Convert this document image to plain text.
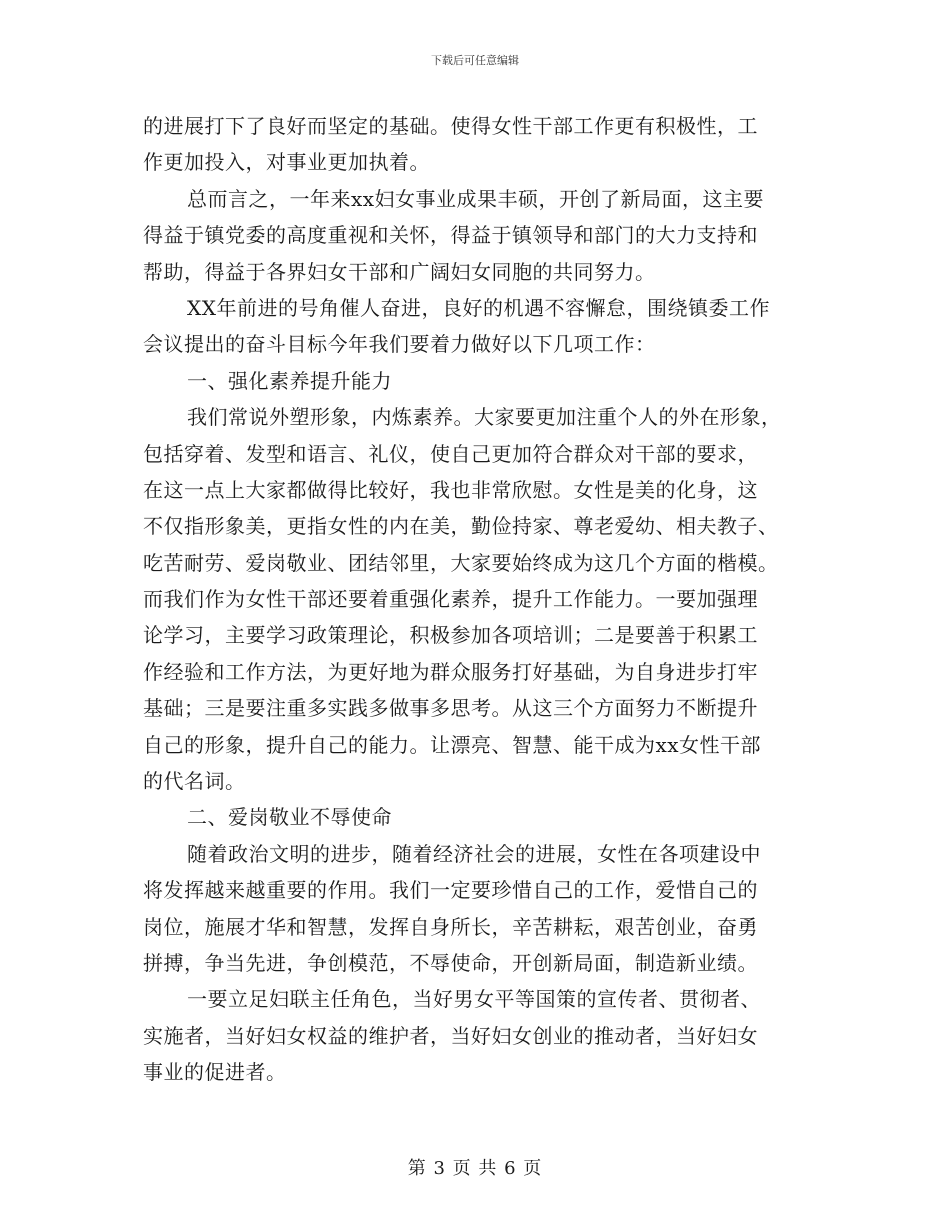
下载后可任意编辑
的进展打下了良好而坚定的基础。使得女性干部工作更有积极性，工
作更加投入，对事业更加执着。
总而言之，一年来xx妇女事业成果丰硕，开创了新局面，这主要
得益于镇党委的高度重视和关怀，得益于镇领导和部门的大力支持和
帮助，得益于各界妇女干部和广阔妇女同胞的共同努力。
XX年前进的号角催人奋进，良好的机遇不容懈怠，围绕镇委工作
会议提出的奋斗目标今年我们要着力做好以下几项工作：
一、强化素养提升能力
我们常说外塑形象，内炼素养。大家要更加注重个人的外在形象，
包括穿着、发型和语言、礼仪，使自己更加符合群众对干部的要求，
在这一点上大家都做得比较好，我也非常欣慰。女性是美的化身，这
不仅指形象美，更指女性的内在美，勤俭持家、尊老爱幼、相夫教子、
吃苦耐劳、爱岗敬业、团结邻里，大家要始终成为这几个方面的楷模。
而我们作为女性干部还要着重强化素养，提升工作能力。一要加强理
论学习，主要学习政策理论，积极参加各项培训；二是要善于积累工
作经验和工作方法，为更好地为群众服务打好基础，为自身进步打牢
基础；三是要注重多实践多做事多思考。从这三个方面努力不断提升
自己的形象，提升自己的能力。让漂亮、智慧、能干成为xx女性干部
的代名词。
二、爱岗敬业不辱使命
随着政治文明的进步，随着经济社会的进展，女性在各项建设中
将发挥越来越重要的作用。我们一定要珍惜自己的工作，爱惜自己的
岗位，施展才华和智慧，发挥自身所长，辛苦耕耘，艰苦创业，奋勇
拼搏，争当先进，争创模范，不辱使命，开创新局面，制造新业绩。
一要立足妇联主任角色，当好男女平等国策的宣传者、贯彻者、
实施者，当好妇女权益的维护者，当好妇女创业的推动者，当好妇女
事业的促进者。
第 3 页 共 6 页
